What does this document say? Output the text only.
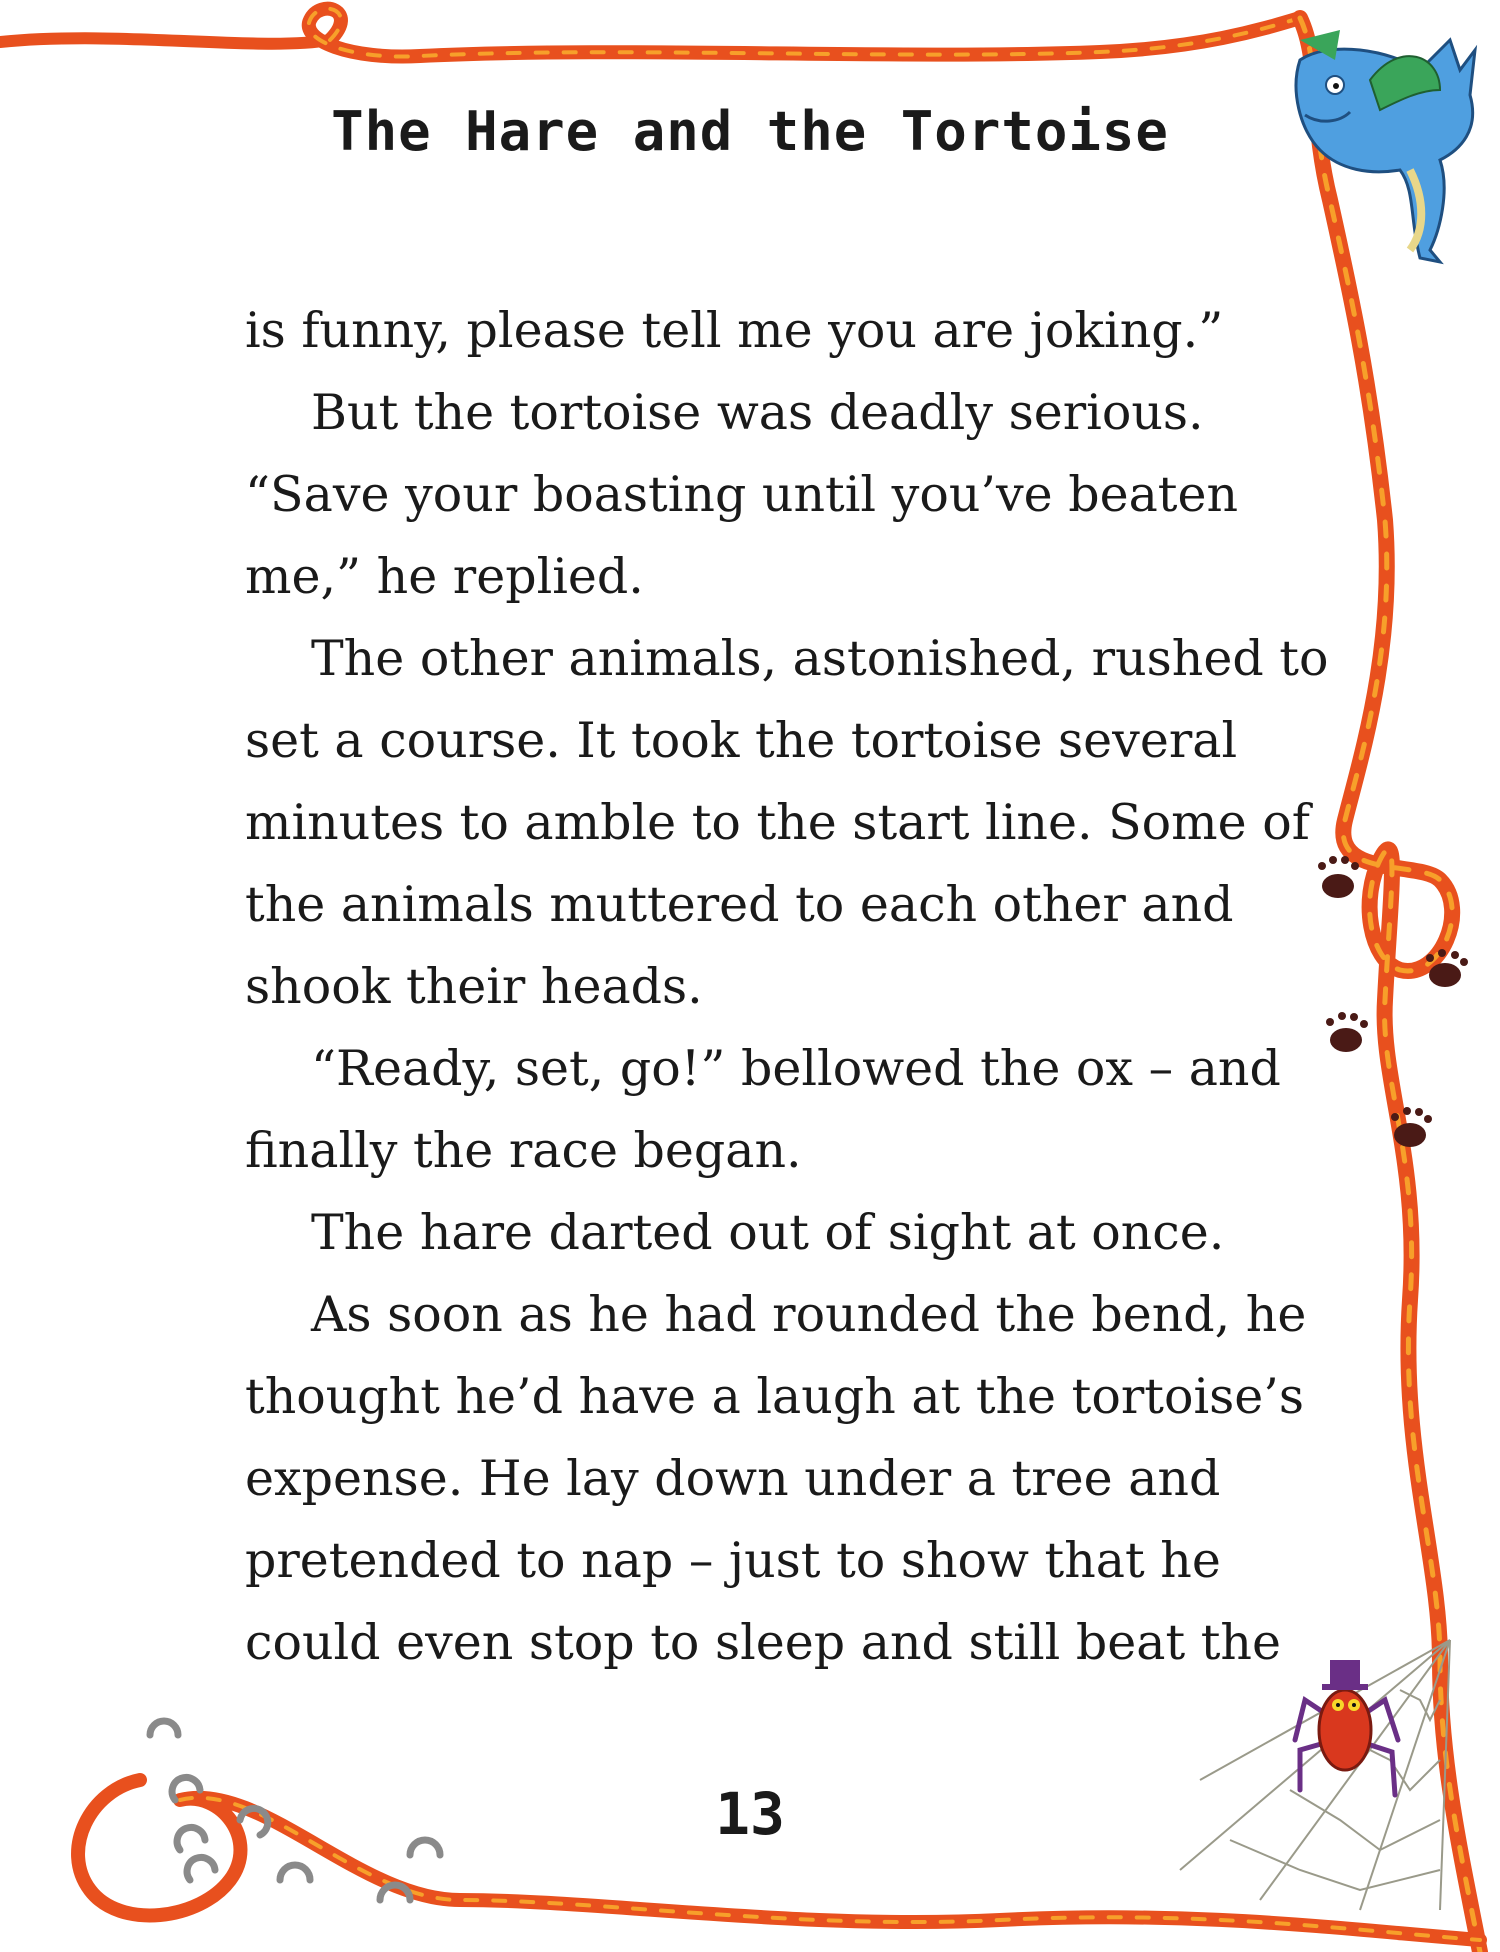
The Hare and the Tortoise

is funny, please tell me you are joking.”

But the tortoise was deadly serious.

“Save your boasting until you’ve beaten

me,” he replied.

The other animals, astonished, rushed to

set a course. It took the tortoise several

minutes to amble to the start line. Some of

the animals muttered to each other and

shook their heads.

“Ready, set, go!” bellowed the ox – and

finally the race began.

The hare darted out of sight at once.

As soon as he had rounded the bend, he

thought he’d have a laugh at the tortoise’s

expense. He lay down under a tree and

pretended to nap – just to show that he

could even stop to sleep and still beat the

13
